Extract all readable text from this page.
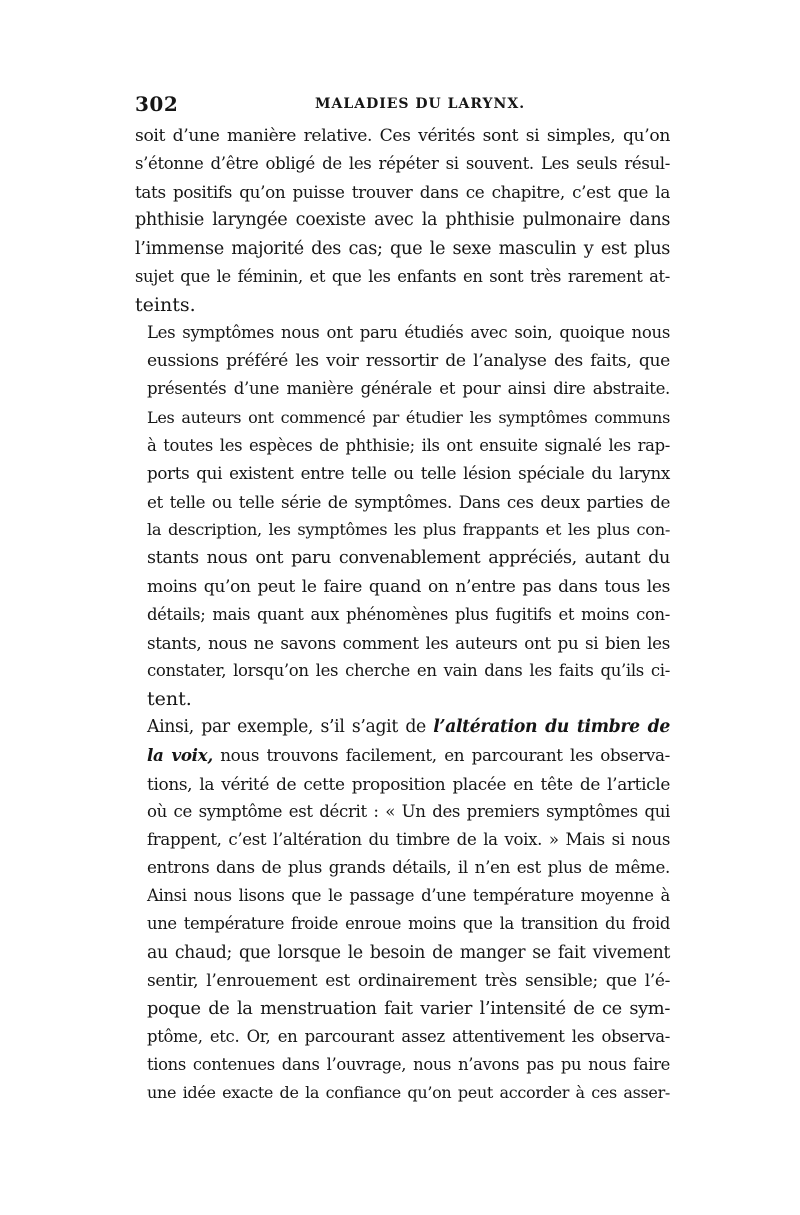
302	MALADIES DU LARYNX.

soit d’une manière relative. Ces vérités sont si simples, qu’on
s’étonne d’être obligé de les répéter si souvent. Les seuls résul-
tats positifs qu’on puisse trouver dans ce chapitre, c’est que la
phthisie laryngée coexiste avec la phthisie pulmonaire dans
l’immense majorité des cas; que le sexe masculin y est plus
sujet que le féminin, et que les enfants en sont très rarement at-
teints.

Les symptômes nous ont paru étudiés avec soin, quoique nous
eussions préféré les voir ressortir de l’analyse des faits, que
présentés d’une manière générale et pour ainsi dire abstraite.
Les auteurs ont commencé par étudier les symptômes communs
à toutes les espèces de phthisie; ils ont ensuite signalé les rap-
ports qui existent entre telle ou telle lésion spéciale du larynx
et telle ou telle série de symptômes. Dans ces deux parties de
la description, les symptômes les plus frappants et les plus con-
stants nous ont paru convenablement appréciés, autant du
moins qu’on peut le faire quand on n’entre pas dans tous les
détails; mais quant aux phénomènes plus fugitifs et moins con-
stants, nous ne savons comment les auteurs ont pu si bien les
constater, lorsqu’on les cherche en vain dans les faits qu’ils ci-
tent.

Ainsi, par exemple, s’il s’agit de l’altération du timbre de
la voix, nous trouvons facilement, en parcourant les observa-
tions, la vérité de cette proposition placée en tête de l’article
où ce symptôme est décrit : « Un des premiers symptômes qui
frappent, c’est l’altération du timbre de la voix. » Mais si nous
entrons dans de plus grands détails, il n’en est plus de même.
Ainsi nous lisons que le passage d’une température moyenne à
une température froide enroue moins que la transition du froid
au chaud; que lorsque le besoin de manger se fait vivement
sentir, l’enrouement est ordinairement très sensible; que l’é-
poque de la menstruation fait varier l’intensité de ce sym-
ptôme, etc. Or, en parcourant assez attentivement les observa-
tions contenues dans l’ouvrage, nous n’avons pas pu nous faire
une idée exacte de la confiance qu’on peut accorder à ces asser-
